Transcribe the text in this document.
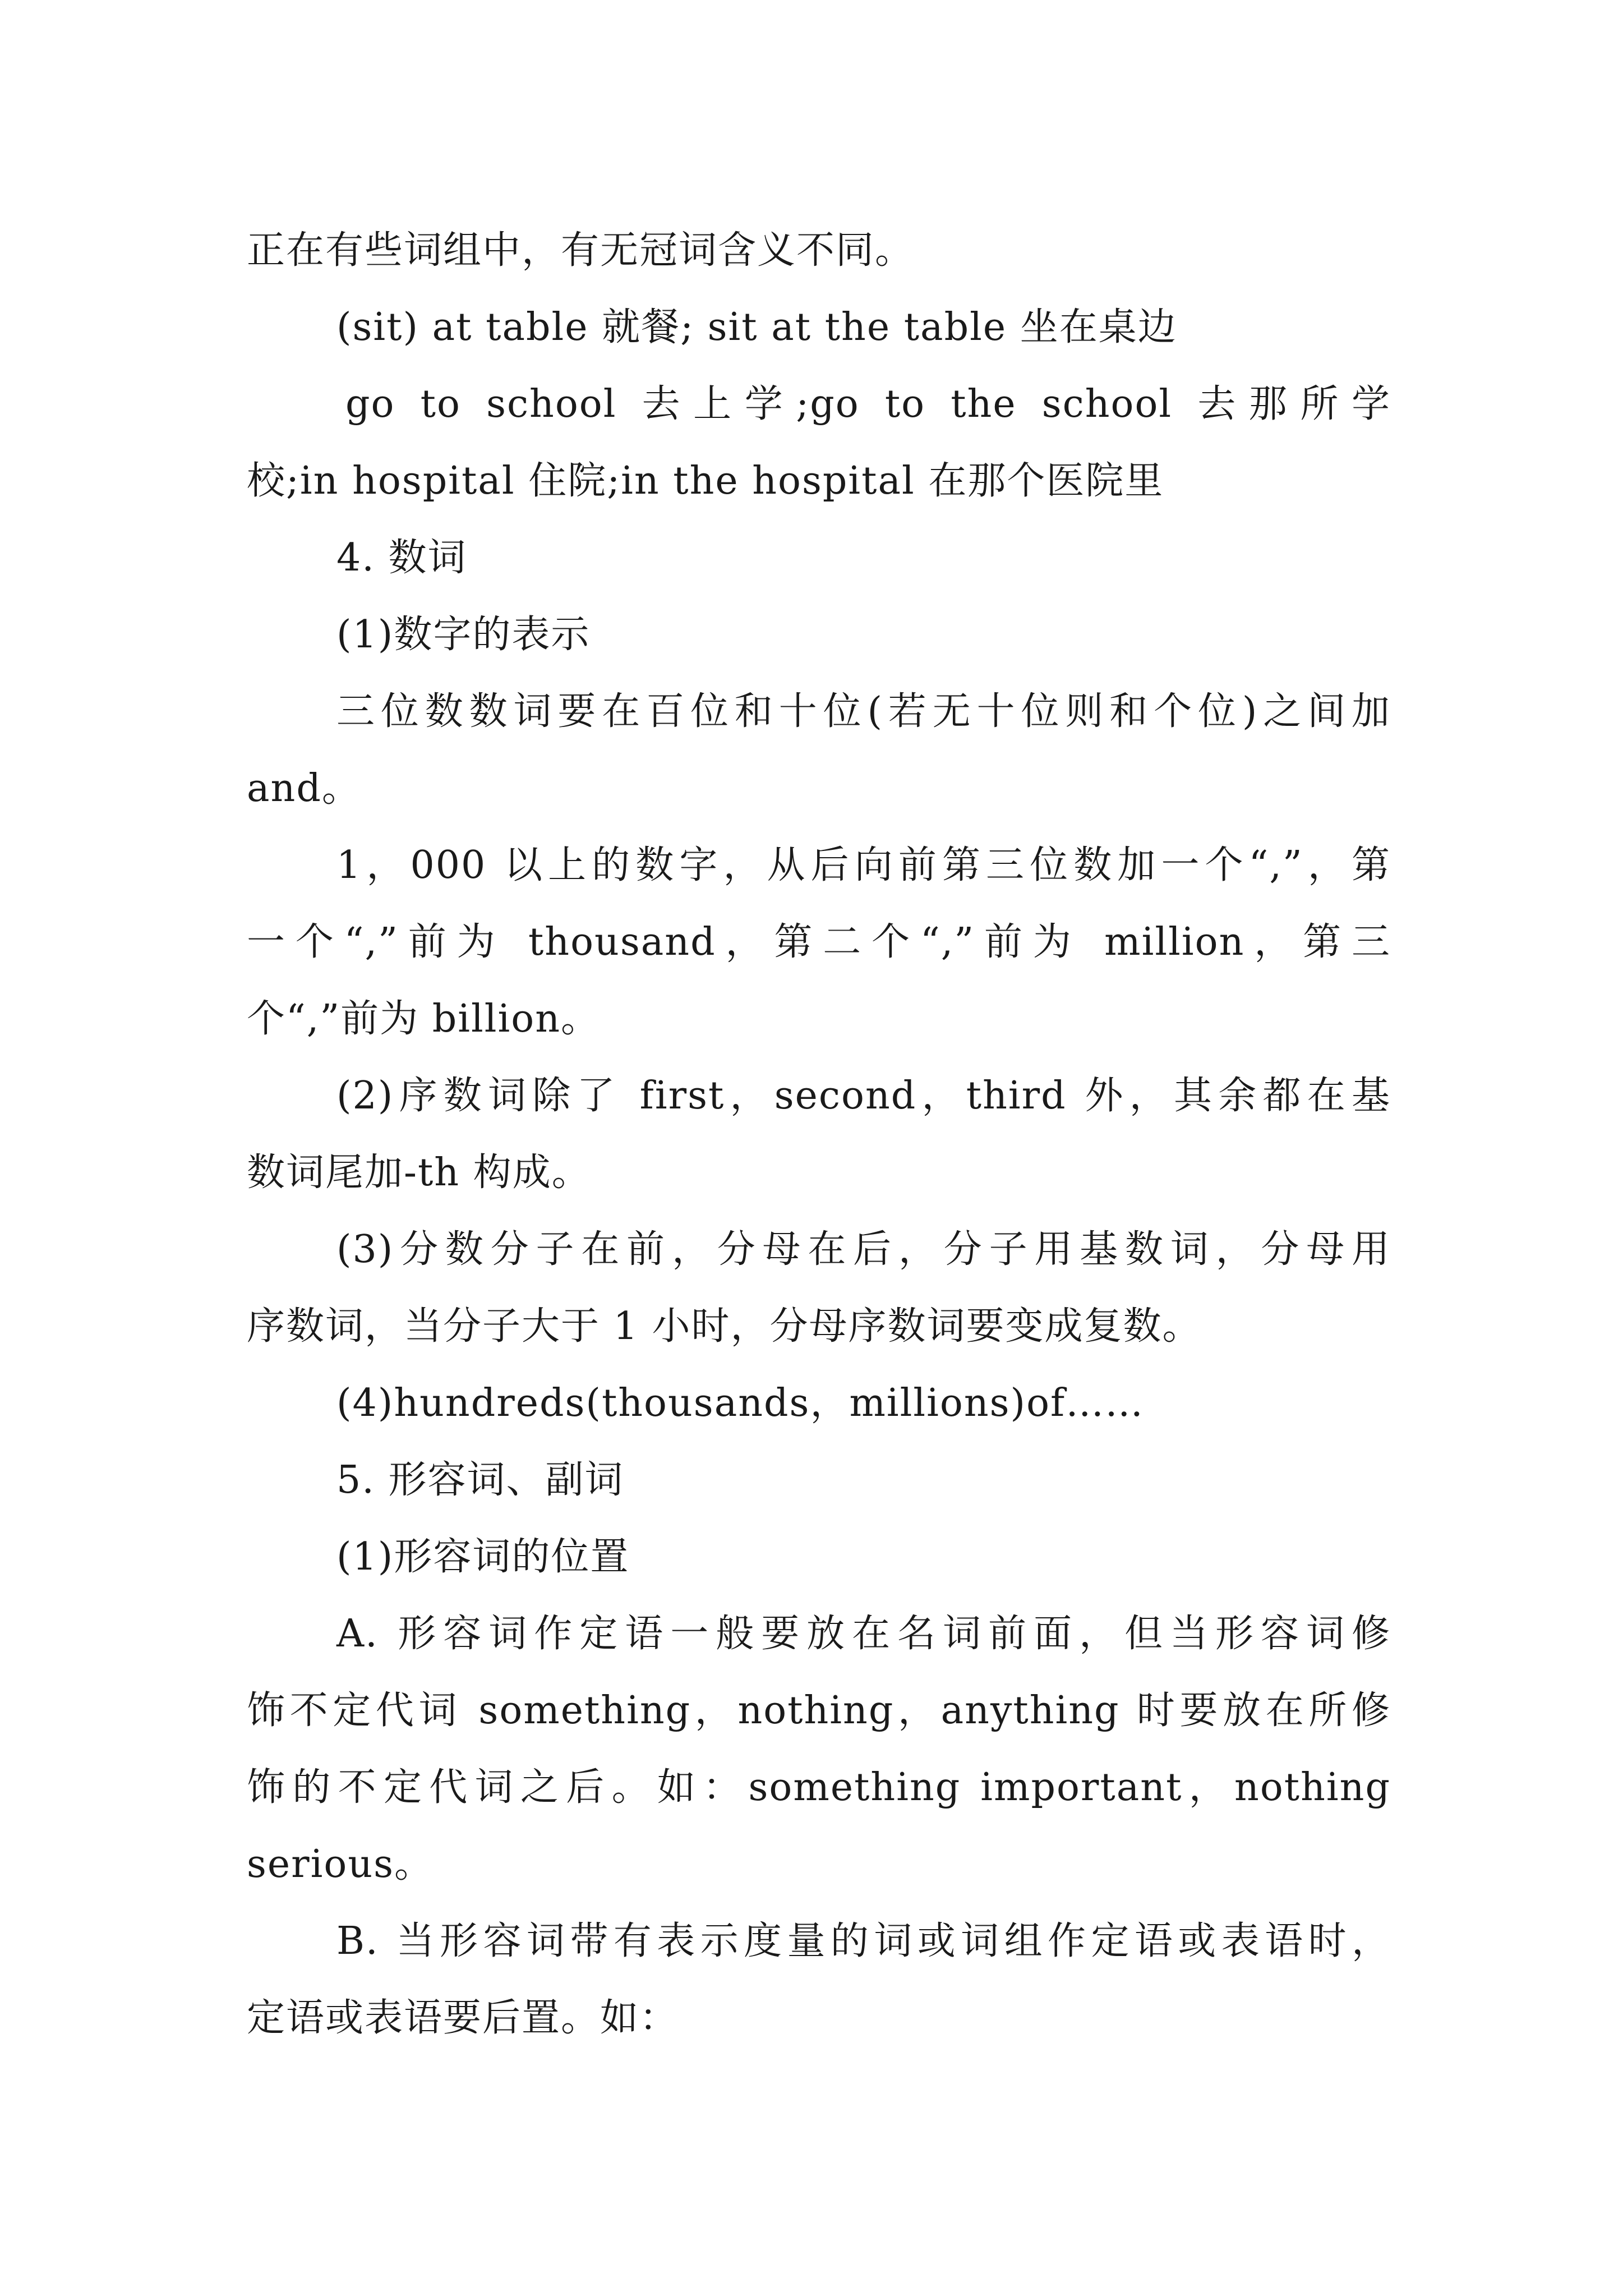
正在有些词组中，有无冠词含义不同。
(sit) at table 就餐; sit at the table 坐在桌边
go to school 去上学;go to the school 去那所学
校;in hospital 住院;in the hospital 在那个医院里
4. 数词
(1)数字的表示
三位数数词要在百位和十位(若无十位则和个位)之间加
and。
1，000 以上的数字，从后向前第三位数加一个“,”，第
一个“,”前为 thousand，第二个“,”前为 million，第三
个“,”前为 billion。
(2)序数词除了 first，second，third 外，其余都在基
数词尾加-th 构成。
(3)分数分子在前，分母在后，分子用基数词，分母用
序数词，当分子大于 1 小时，分母序数词要变成复数。
(4)hundreds(thousands，millions)of……
5. 形容词、副词
(1)形容词的位置
A. 形容词作定语一般要放在名词前面，但当形容词修
饰不定代词 something，nothing，anything 时要放在所修
饰的不定代词之后。如：something important，nothing
serious。
B. 当形容词带有表示度量的词或词组作定语或表语时，
定语或表语要后置。如：
